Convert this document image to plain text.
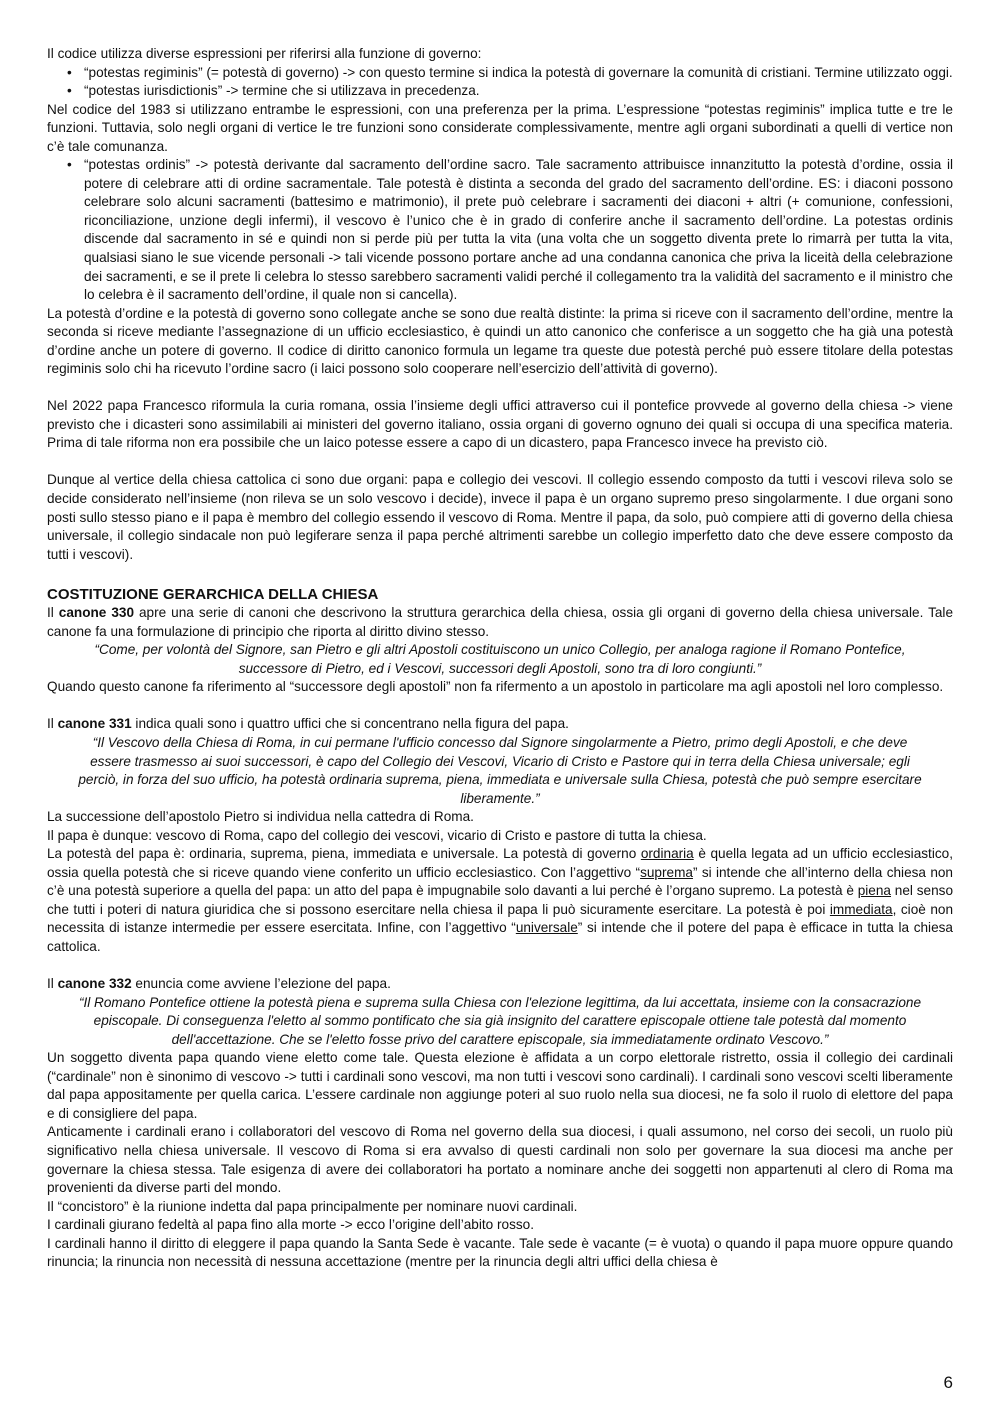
Il codice utilizza diverse espressioni per riferirsi alla funzione di governo:

• “potestas regiminis” (= potestà di governo) -> con questo termine si indica la potestà di governare la comunità di cristiani. Termine utilizzato oggi.
• “potestas iurisdictionis” -> termine che si utilizzava in precedenza.

Nel codice del 1983 si utilizzano entrambe le espressioni, con una preferenza per la prima. L’espressione “potestas regiminis” implica tutte e tre le funzioni. Tuttavia, solo negli organi di vertice le tre funzioni sono considerate complessivamente, mentre agli organi subordinati a quelli di vertice non c’è tale comunanza.

• “potestas ordinis” -> potestà derivante dal sacramento dell’ordine sacro. Tale sacramento attribuisce innanzitutto la potestà d’ordine, ossia il potere di celebrare atti di ordine sacramentale. Tale potestà è distinta a seconda del grado del sacramento dell’ordine. ES: i diaconi possono celebrare solo alcuni sacramenti (battesimo e matrimonio), il prete può celebrare i sacramenti dei diaconi + altri (+ comunione, confessioni, riconciliazione, unzione degli infermi), il vescovo è l’unico che è in grado di conferire anche il sacramento dell’ordine. La potestas ordinis discende dal sacramento in sé e quindi non si perde più per tutta la vita (una volta che un soggetto diventa prete lo rimarrà per tutta la vita, qualsiasi siano le sue vicende personali -> tali vicende possono portare anche ad una condanna canonica che priva la liceità della celebrazione dei sacramenti, e se il prete li celebra lo stesso sarebbero sacramenti validi perché il collegamento tra la validità del sacramento e il ministro che lo celebra è il sacramento dell’ordine, il quale non si cancella).

La potestà d’ordine e la potestà di governo sono collegate anche se sono due realtà distinte: la prima si riceve con il sacramento dell’ordine, mentre la seconda si riceve mediante l’assegnazione di un ufficio ecclesiastico, è quindi un atto canonico che conferisce a un soggetto che ha già una potestà d’ordine anche un potere di governo. Il codice di diritto canonico formula un legame tra queste due potestà perché può essere titolare della potestas regiminis solo chi ha ricevuto l’ordine sacro (i laici possono solo cooperare nell’esercizio dell’attività di governo).

Nel 2022 papa Francesco riformula la curia romana, ossia l’insieme degli uffici attraverso cui il pontefice provvede al governo della chiesa -> viene previsto che i dicasteri sono assimilabili ai ministeri del governo italiano, ossia organi di governo ognuno dei quali si occupa di una specifica materia. Prima di tale riforma non era possibile che un laico potesse essere a capo di un dicastero, papa Francesco invece ha previsto ciò.

Dunque al vertice della chiesa cattolica ci sono due organi: papa e collegio dei vescovi. Il collegio essendo composto da tutti i vescovi rileva solo se decide considerato nell’insieme (non rileva se un solo vescovo i decide), invece il papa è un organo supremo preso singolarmente. I due organi sono posti sullo stesso piano e il papa è membro del collegio essendo il vescovo di Roma. Mentre il papa, da solo, può compiere atti di governo della chiesa universale, il collegio sindacale non può legiferare senza il papa perché altrimenti sarebbe un collegio imperfetto dato che deve essere composto da tutti i vescovi).

COSTITUZIONE GERARCHICA DELLA CHIESA

Il canone 330 apre una serie di canoni che descrivono la struttura gerarchica della chiesa, ossia gli organi di governo della chiesa universale. Tale canone fa una formulazione di principio che riporta al diritto divino stesso.

“Come, per volontà del Signore, san Pietro e gli altri Apostoli costituiscono un unico Collegio, per analoga ragione il Romano Pontefice, successore di Pietro, ed i Vescovi, successori degli Apostoli, sono tra di loro congiunti.”

Quando questo canone fa riferimento al “successore degli apostoli” non fa rifermento a un apostolo in particolare ma agli apostoli nel loro complesso.

Il canone 331 indica quali sono i quattro uffici che si concentrano nella figura del papa.

“Il Vescovo della Chiesa di Roma, in cui permane l'ufficio concesso dal Signore singolarmente a Pietro, primo degli Apostoli, e che deve essere trasmesso ai suoi successori, è capo del Collegio dei Vescovi, Vicario di Cristo e Pastore qui in terra della Chiesa universale; egli perciò, in forza del suo ufficio, ha potestà ordinaria suprema, piena, immediata e universale sulla Chiesa, potestà che può sempre esercitare liberamente.”

La successione dell’apostolo Pietro si individua nella cattedra di Roma.

Il papa è dunque: vescovo di Roma, capo del collegio dei vescovi, vicario di Cristo e pastore di tutta la chiesa.

La potestà del papa è: ordinaria, suprema, piena, immediata e universale. La potestà di governo ordinaria è quella legata ad un ufficio ecclesiastico, ossia quella potestà che si riceve quando viene conferito un ufficio ecclesiastico. Con l’aggettivo “suprema” si intende che all’interno della chiesa non c’è una potestà superiore a quella del papa: un atto del papa è impugnabile solo davanti a lui perché è l’organo supremo. La potestà è piena nel senso che tutti i poteri di natura giuridica che si possono esercitare nella chiesa il papa li può sicuramente esercitare. La potestà è poi immediata, cioè non necessita di istanze intermedie per essere esercitata. Infine, con l’aggettivo “universale” si intende che il potere del papa è efficace in tutta la chiesa cattolica.

Il canone 332 enuncia come avviene l’elezione del papa.

“Il Romano Pontefice ottiene la potestà piena e suprema sulla Chiesa con l'elezione legittima, da lui accettata, insieme con la consacrazione episcopale. Di conseguenza l'eletto al sommo pontificato che sia già insignito del carattere episcopale ottiene tale potestà dal momento dell'accettazione. Che se l'eletto fosse privo del carattere episcopale, sia immediatamente ordinato Vescovo.”

Un soggetto diventa papa quando viene eletto come tale. Questa elezione è affidata a un corpo elettorale ristretto, ossia il collegio dei cardinali (“cardinale” non è sinonimo di vescovo -> tutti i cardinali sono vescovi, ma non tutti i vescovi sono cardinali). I cardinali sono vescovi scelti liberamente dal papa appositamente per quella carica. L’essere cardinale non aggiunge poteri al suo ruolo nella sua diocesi, ne fa solo il ruolo di elettore del papa e di consigliere del papa.

Anticamente i cardinali erano i collaboratori del vescovo di Roma nel governo della sua diocesi, i quali assumono, nel corso dei secoli, un ruolo più significativo nella chiesa universale. Il vescovo di Roma si era avvalso di questi cardinali non solo per governare la sua diocesi ma anche per governare la chiesa stessa. Tale esigenza di avere dei collaboratori ha portato a nominare anche dei soggetti non appartenuti al clero di Roma ma provenienti da diverse parti del mondo.

Il “concistoro” è la riunione indetta dal papa principalmente per nominare nuovi cardinali.

I cardinali giurano fedeltà al papa fino alla morte -> ecco l’origine dell’abito rosso.

I cardinali hanno il diritto di eleggere il papa quando la Santa Sede è vacante. Tale sede è vacante (= è vuota) o quando il papa muore oppure quando rinuncia; la rinuncia non necessità di nessuna accettazione (mentre per la rinuncia degli altri uffici della chiesa è

6
